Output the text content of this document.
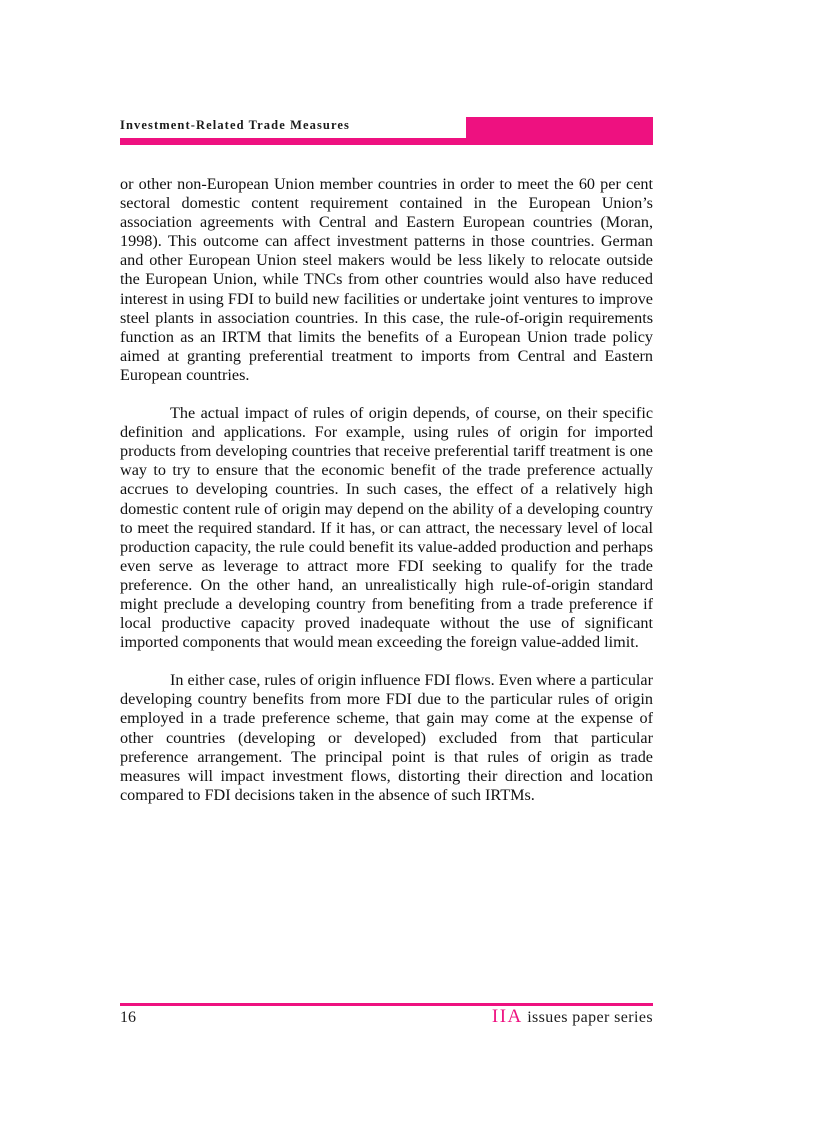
Investment-Related Trade Measures

or other non-European Union member countries in order to meet the 60 per cent sectoral domestic content requirement contained in the European Union’s association agreements with Central and Eastern European countries (Moran, 1998). This outcome can affect investment patterns in those countries. German and other European Union steel makers would be less likely to relocate outside the European Union, while TNCs from other countries would also have reduced interest in using FDI to build new facilities or undertake joint ventures to improve steel plants in association countries. In this case, the rule-of-origin requirements function as an IRTM that limits the benefits of a European Union trade policy aimed at granting preferential treatment to imports from Central and Eastern European countries.

The actual impact of rules of origin depends, of course, on their specific definition and applications. For example, using rules of origin for imported products from developing countries that receive preferential tariff treatment is one way to try to ensure that the economic benefit of the trade preference actually accrues to developing countries. In such cases, the effect of a relatively high domestic content rule of origin may depend on the ability of a developing country to meet the required standard. If it has, or can attract, the necessary level of local production capacity, the rule could benefit its value-added production and perhaps even serve as leverage to attract more FDI seeking to qualify for the trade preference. On the other hand, an unrealistically high rule-of-origin standard might preclude a developing country from benefiting from a trade preference if local productive capacity proved inadequate without the use of significant imported components that would mean exceeding the foreign value-added limit.

In either case, rules of origin influence FDI flows. Even where a particular developing country benefits from more FDI due to the particular rules of origin employed in a trade preference scheme, that gain may come at the expense of other countries (developing or developed) excluded from that particular preference arrangement. The principal point is that rules of origin as trade measures will impact investment flows, distorting their direction and location compared to FDI decisions taken in the absence of such IRTMs.

16	IIA issues paper series
